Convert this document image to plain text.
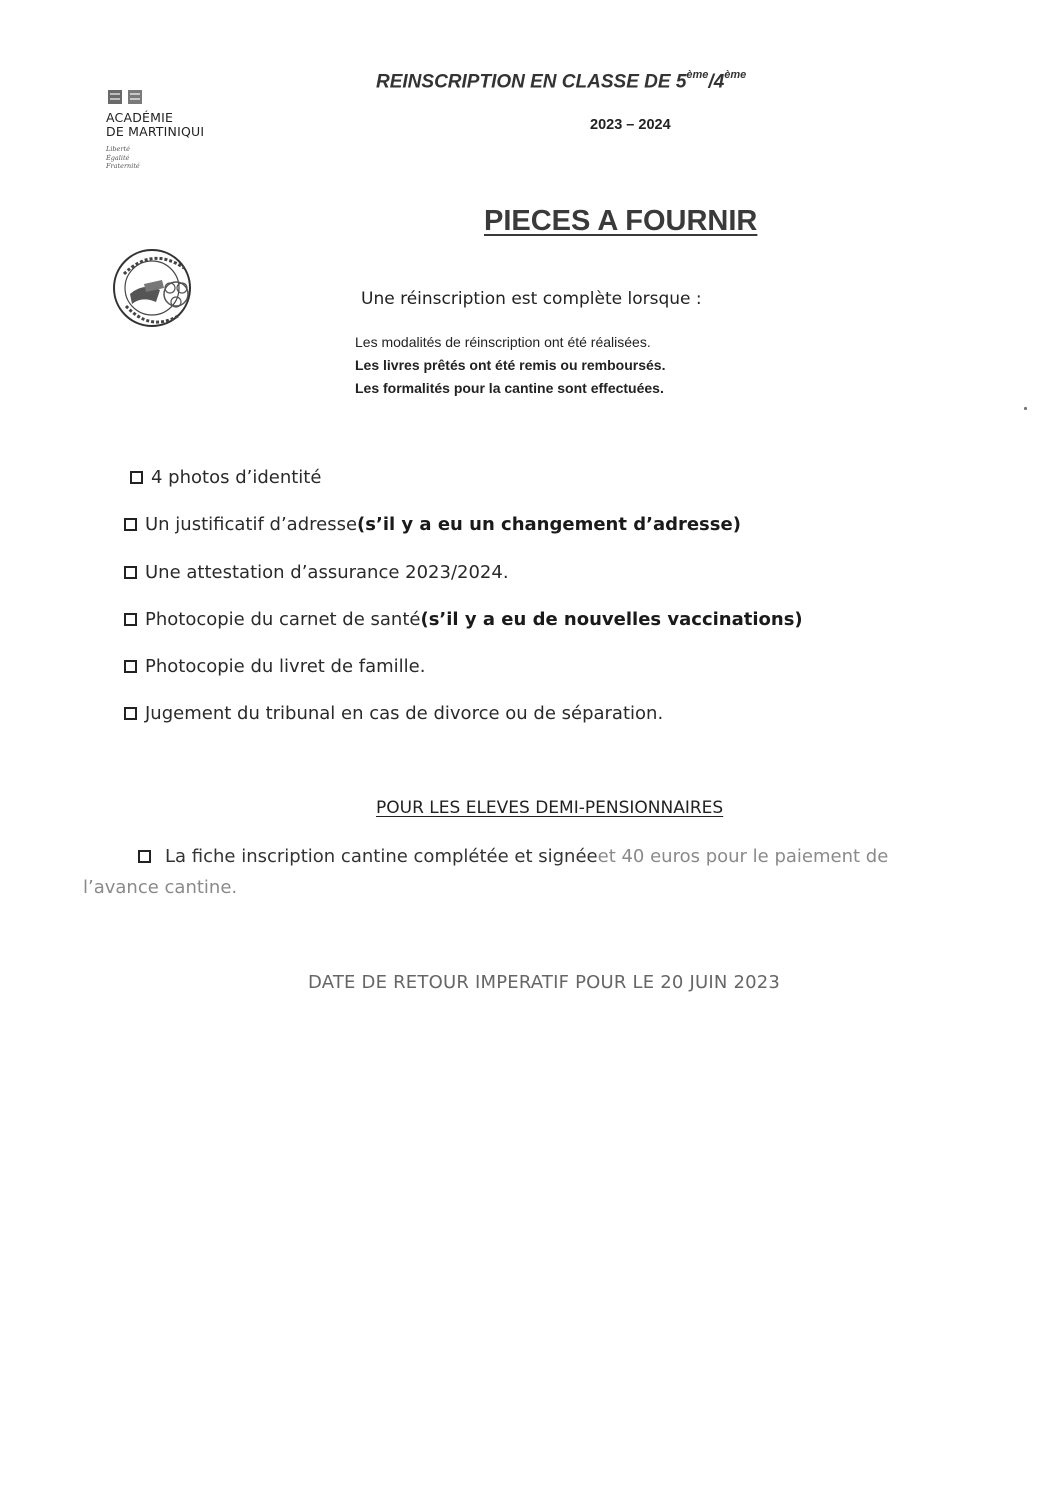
ACADÉMIE
DE MARTINIQUI
Liberté
Égalité
Fraternité
REINSCRIPTION EN CLASSE DE 5ème/4ème
2023 – 2024
PIECES A FOURNIR
Une réinscription est complète lorsque :
Les modalités de réinscription ont été réalisées.
Les livres prêtés ont été remis ou remboursés.
Les formalités pour la cantine sont effectuées.
4 photos d’identité
Un justificatif d’adresse (s’il y a eu un changement d’adresse)
Une attestation d’assurance 2023/2024.
Photocopie du carnet de santé (s’il y a eu de nouvelles vaccinations)
Photocopie du livret de famille.
Jugement du tribunal en cas de divorce ou de séparation.
POUR LES ELEVES DEMI-PENSIONNAIRES
La fiche inscription cantine complétée et signée et 40 euros pour le paiement de
l’avance cantine.
DATE DE RETOUR IMPERATIF POUR LE 20 JUIN 2023
